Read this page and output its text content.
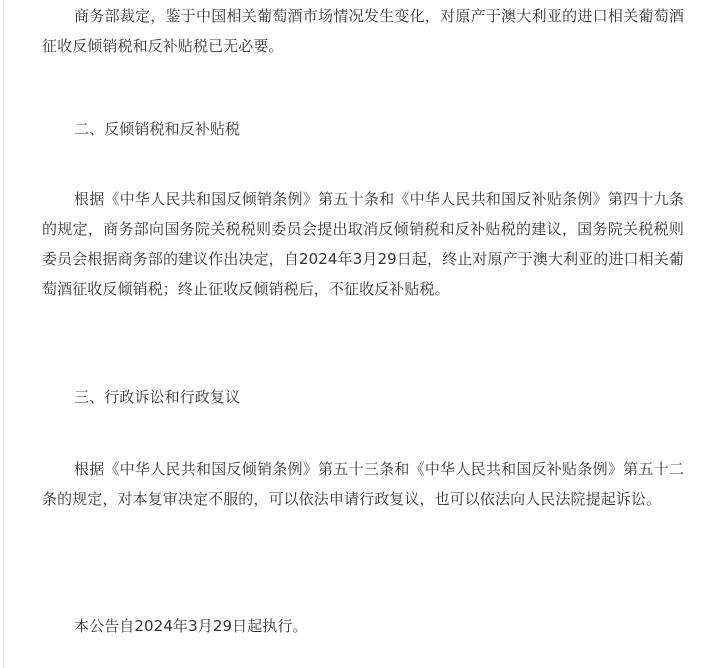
商务部裁定，鉴于中国相关葡萄酒市场情况发生变化，对原产于澳大利亚的进口相关葡萄酒征收反倾销税和反补贴税已无必要。

二、反倾销税和反补贴税

根据《中华人民共和国反倾销条例》第五十条和《中华人民共和国反补贴条例》第四十九条的规定，商务部向国务院关税税则委员会提出取消反倾销税和反补贴税的建议，国务院关税税则委员会根据商务部的建议作出决定，自2024年3月29日起，终止对原产于澳大利亚的进口相关葡萄酒征收反倾销税；终止征收反倾销税后，不征收反补贴税。

三、行政诉讼和行政复议

根据《中华人民共和国反倾销条例》第五十三条和《中华人民共和国反补贴条例》第五十二条的规定，对本复审决定不服的，可以依法申请行政复议，也可以依法向人民法院提起诉讼。

本公告自2024年3月29日起执行。
